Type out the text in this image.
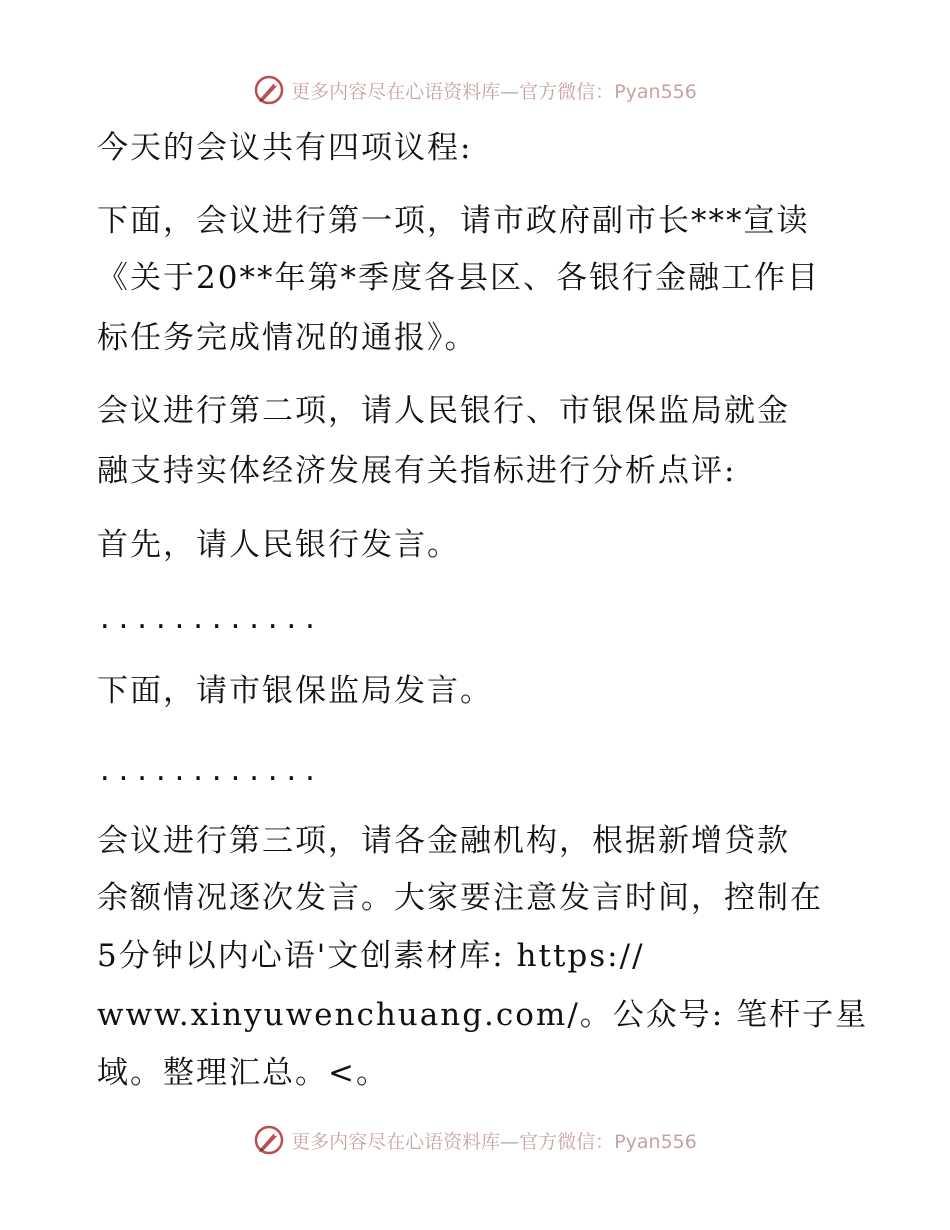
更多内容尽在心语资料库—官方微信：Pyan556
今天的会议共有四项议程:
下面，会议进行第一项，请市政府副市长***宣读
《关于20**年第*季度各县区、各银行金融工作目
标任务完成情况的通报》。
会议进行第二项，请人民银行、市银保监局就金
融支持实体经济发展有关指标进行分析点评:
首先，请人民银行发言。
............
下面，请市银保监局发言。
............
会议进行第三项，请各金融机构，根据新增贷款
余额情况逐次发言。大家要注意发言时间，控制在
5分钟以内心语'文创素材库: https://
www.xinyuwenchuang.com/。公众号: 笔杆子星
域。整理汇总。<。
更多内容尽在心语资料库—官方微信：Pyan556
